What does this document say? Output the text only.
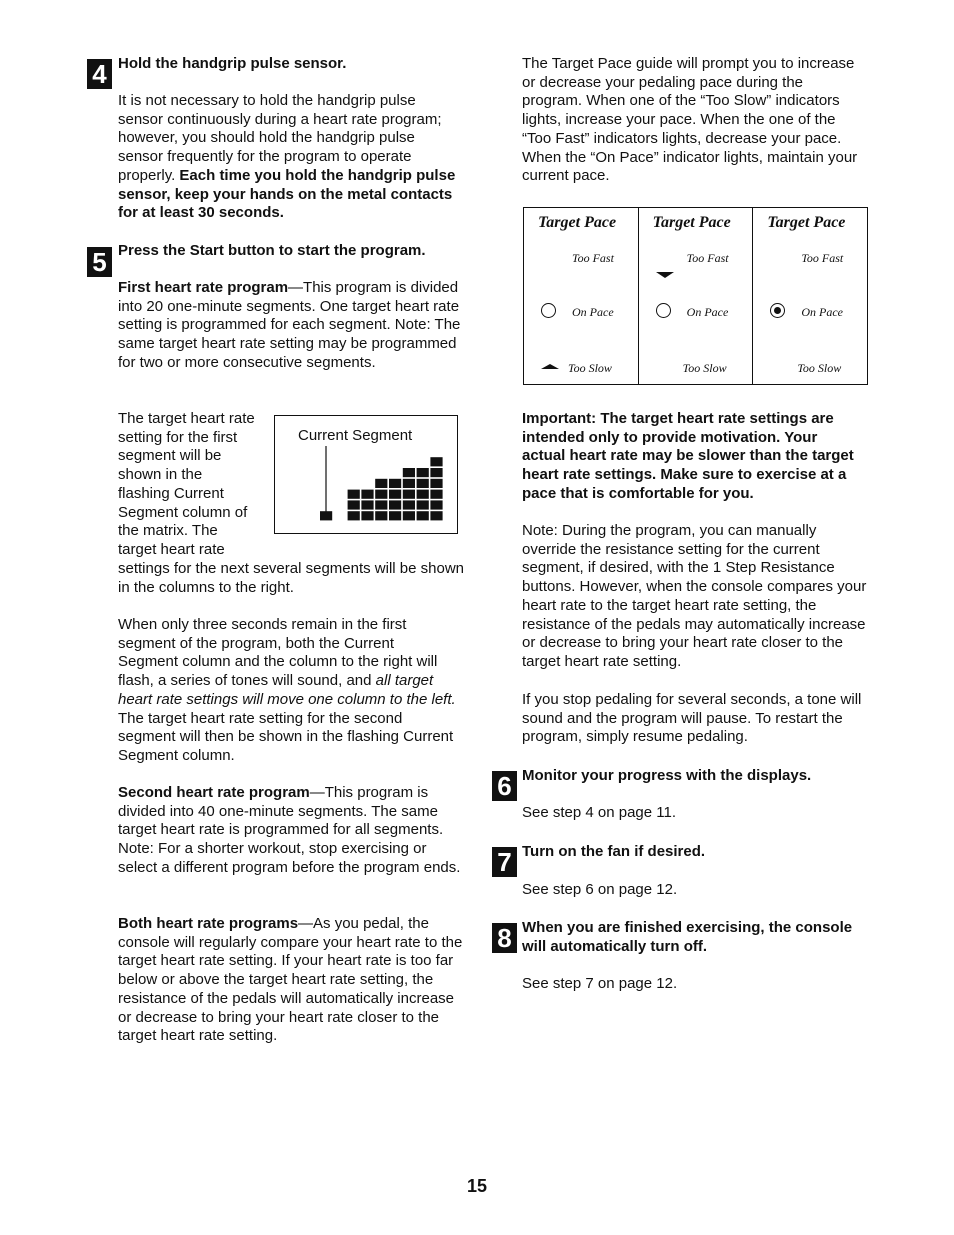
4 Hold the handgrip pulse sensor.

It is not necessary to hold the handgrip pulse sensor continuously during a heart rate program; however, you should hold the handgrip pulse sensor frequently for the program to operate properly. Each time you hold the handgrip pulse sensor, keep your hands on the metal contacts for at least 30 seconds.

5 Press the Start button to start the program.

First heart rate program—This program is divided into 20 one-minute segments. One target heart rate setting is programmed for each segment. Note: The same target heart rate setting may be programmed for two or more consecutive segments.

The target heart rate setting for the first segment will be shown in the flashing Current Segment column of the matrix. The target heart rate

Current Segment

settings for the next several segments will be shown in the columns to the right.

When only three seconds remain in the first segment of the program, both the Current Segment column and the column to the right will flash, a series of tones will sound, and all target heart rate settings will move one column to the left. The target heart rate setting for the second segment will then be shown in the flashing Current Segment column.

Second heart rate program—This program is divided into 40 one-minute segments. The same target heart rate is programmed for all segments. Note: For a shorter workout, stop exercising or select a different program before the program ends.

Both heart rate programs—As you pedal, the console will regularly compare your heart rate to the target heart rate setting. If your heart rate is too far below or above the target heart rate setting, the resistance of the pedals will automatically increase or decrease to bring your heart rate closer to the target heart rate setting.

The Target Pace guide will prompt you to increase or decrease your pedaling pace during the program. When one of the “Too Slow” indicators lights, increase your pace. When the one of the “Too Fast” indicators lights, decrease your pace. When the “On Pace” indicator lights, maintain your current pace.

Target Pace
Too Fast
On Pace
Too Slow
Target Pace
Too Fast
On Pace
Too Slow
Target Pace
Too Fast
On Pace
Too Slow

Important: The target heart rate settings are intended only to provide motivation. Your actual heart rate may be slower than the target heart rate settings. Make sure to exercise at a pace that is comfortable for you.

Note: During the program, you can manually override the resistance setting for the current segment, if desired, with the 1 Step Resistance buttons. However, when the console compares your heart rate to the target heart rate setting, the resistance of the pedals may automatically increase or decrease to bring your heart rate closer to the target heart rate setting.

If you stop pedaling for several seconds, a tone will sound and the program will pause. To restart the program, simply resume pedaling.

6 Monitor your progress with the displays.

See step 4 on page 11.

7 Turn on the fan if desired.

See step 6 on page 12.

8 When you are finished exercising, the console will automatically turn off.

See step 7 on page 12.

15
